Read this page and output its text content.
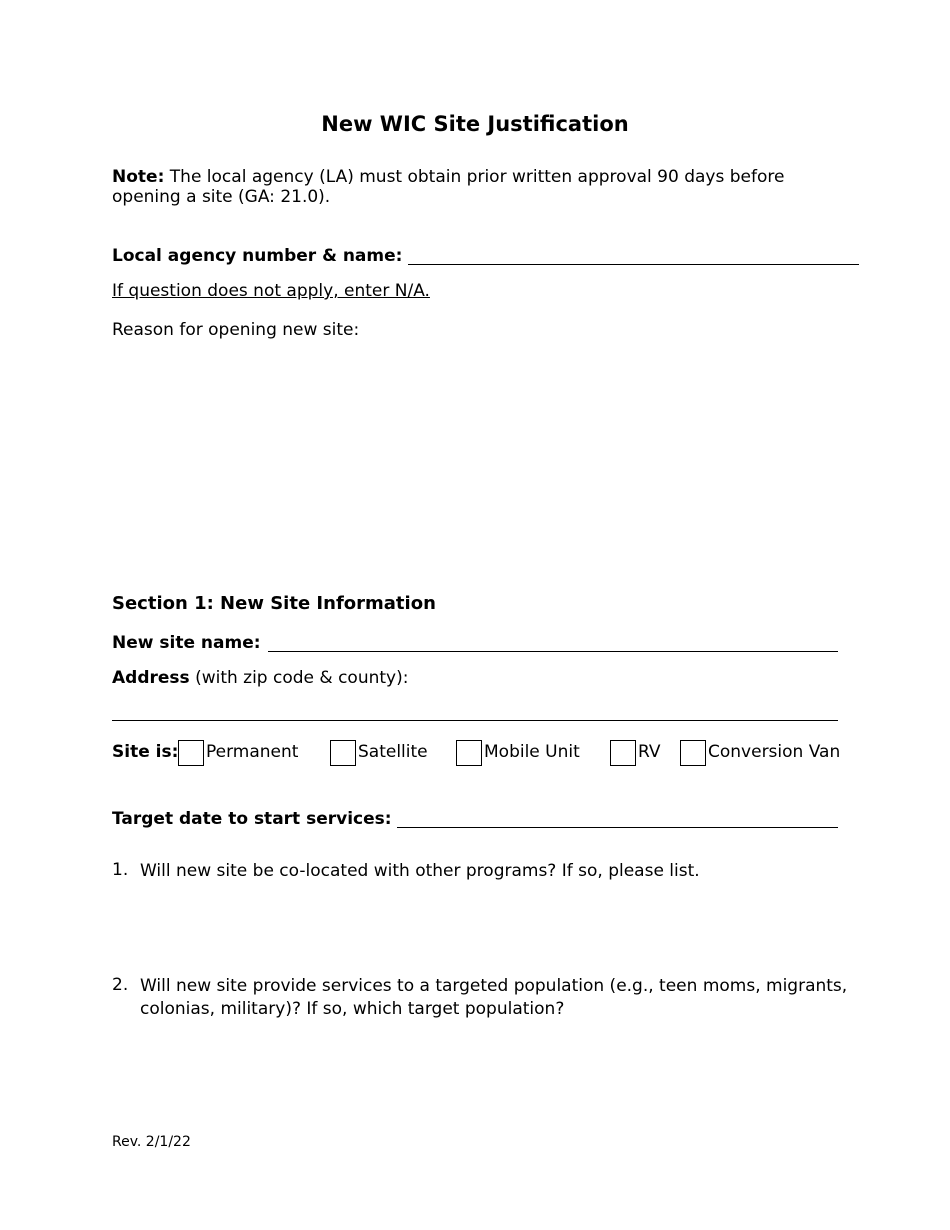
New WIC Site Justification
Note: The local agency (LA) must obtain prior written approval 90 days before opening a site (GA: 21.0).
Local agency number & name:
If question does not apply, enter N/A.
Reason for opening new site:
Section 1: New Site Information
New site name:
Address (with zip code & county):
Site is: Permanent	Satellite	Mobile Unit	RV	Conversion Van
Target date to start services:
1. Will new site be co-located with other programs? If so, please list.
2. Will new site provide services to a targeted population (e.g., teen moms, migrants, colonias, military)? If so, which target population?
Rev. 2/1/22
